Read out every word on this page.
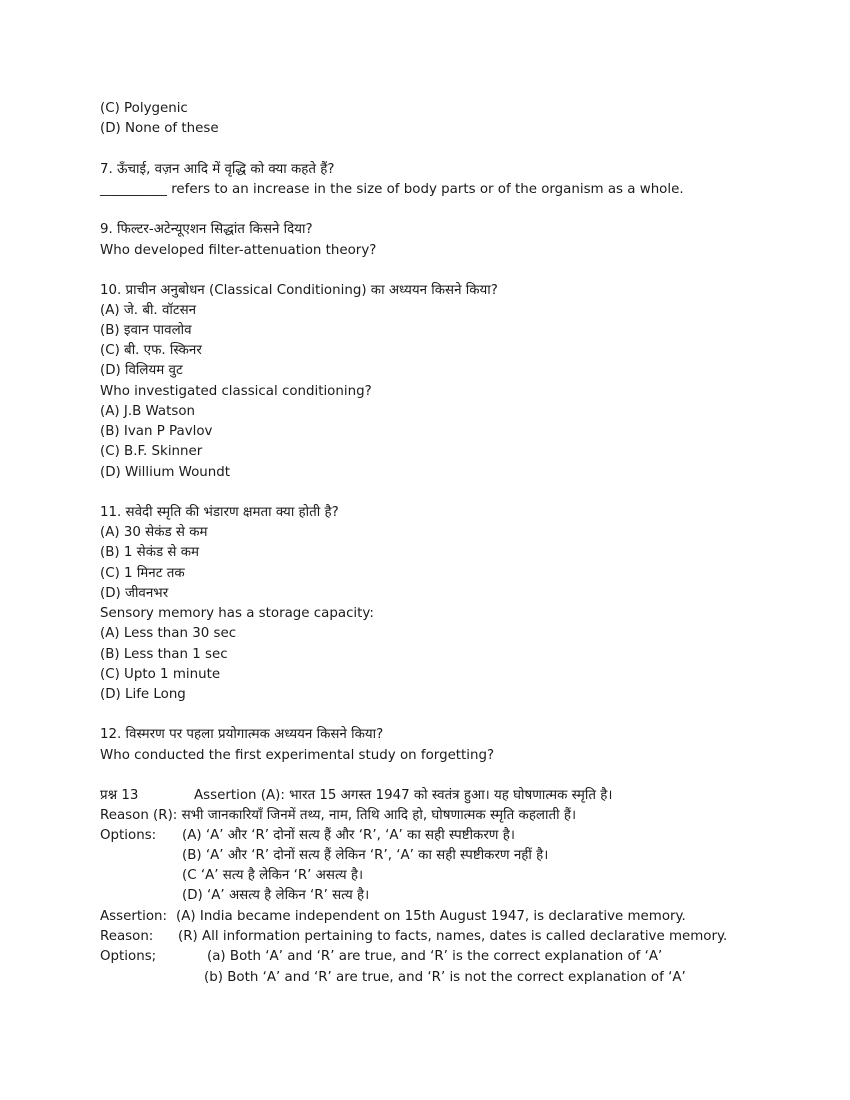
(C) Polygenic
(D) None of these
7. ऊँचाई, वज़न आदि में वृद्धि को क्या कहते हैं?
__________ refers to an increase in the size of body parts or of the organism as a whole.
9. फिल्टर-अटेन्यूएशन सिद्धांत किसने दिया?
Who developed filter-attenuation theory?
10. प्राचीन अनुबोधन (Classical Conditioning) का अध्ययन किसने किया?
(A) जे. बी. वॉटसन
(B) इवान पावलोव
(C) बी. एफ. स्किनर
(D) विलियम वुट
Who investigated classical conditioning?
(A) J.B Watson
(B) Ivan P Pavlov
(C) B.F. Skinner
(D) Willium Woundt
11. सवेदी स्मृति की भंडारण क्षमता क्या होती है?
(A) 30 सेकंड से कम
(B) 1 सेकंड से कम
(C) 1 मिनट तक
(D) जीवनभर
Sensory memory has a storage capacity:
(A) Less than 30 sec
(B) Less than 1 sec
(C) Upto 1 minute
(D) Life Long
12. विस्मरण पर पहला प्रयोगात्मक अध्ययन किसने किया?
Who conducted the first experimental study on forgetting?
प्रश्न 13	Assertion (A): भारत 15 अगस्त 1947 को स्वतंत्र हुआ। यह घोषणात्मक स्मृति है।
Reason (R): सभी जानकारियाँ जिनमें तथ्य, नाम, तिथि आदि हो, घोषणात्मक स्मृति कहलाती हैं।
Options: (A) ‘A’ और ‘R’ दोनों सत्य हैं और ‘R’, ‘A’ का सही स्पष्टीकरण है।
(B) ‘A’ और ‘R’ दोनों सत्य हैं लेकिन ‘R’, ‘A’ का सही स्पष्टीकरण नहीं है।
(C ‘A’ सत्य है लेकिन ‘R’ असत्य है।
(D) ‘A’ असत्य है लेकिन ‘R’ सत्य है।
Assertion: (A) India became independent on 15th August 1947, is declarative memory.
Reason: (R) All information pertaining to facts, names, dates is called declarative memory.
Options;	(a) Both ‘A’ and ‘R’ are true, and ‘R’ is the correct explanation of ‘A’
(b) Both ‘A’ and ‘R’ are true, and ‘R’ is not the correct explanation of ‘A’
